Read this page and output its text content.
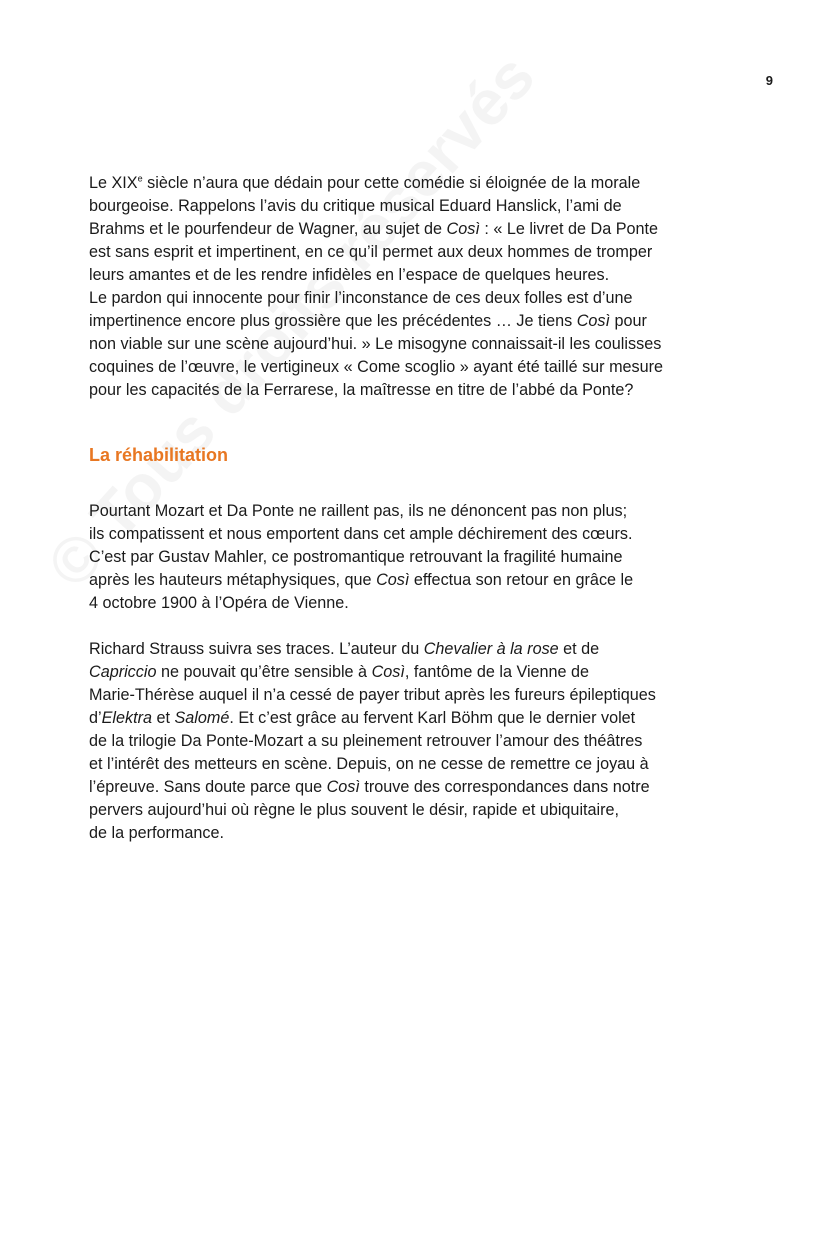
9

Le XIXe siècle n’aura que dédain pour cette comédie si éloignée de la morale
bourgeoise. Rappelons l’avis du critique musical Eduard Hanslick, l’ami de
Brahms et le pourfendeur de Wagner, au sujet de Così : « Le livret de Da Ponte
est sans esprit et impertinent, en ce qu’il permet aux deux hommes de tromper
leurs amantes et de les rendre infidèles en l’espace de quelques heures.
Le pardon qui innocente pour finir l’inconstance de ces deux folles est d’une
impertinence encore plus grossière que les précédentes … Je tiens Così pour
non viable sur une scène aujourd’hui. » Le misogyne connaissait-il les coulisses
coquines de l’œuvre, le vertigineux « Come scoglio » ayant été taillé sur mesure
pour les capacités de la Ferrarese, la maîtresse en titre de l’abbé da Ponte?

La réhabilitation

Pourtant Mozart et Da Ponte ne raillent pas, ils ne dénoncent pas non plus;
ils compatissent et nous emportent dans cet ample déchirement des cœurs.
C’est par Gustav Mahler, ce postromantique retrouvant la fragilité humaine
après les hauteurs métaphysiques, que Così effectua son retour en grâce le
4 octobre 1900 à l’Opéra de Vienne.

Richard Strauss suivra ses traces. L’auteur du Chevalier à la rose et de
Capriccio ne pouvait qu’être sensible à Così, fantôme de la Vienne de
Marie-Thérèse auquel il n’a cessé de payer tribut après les fureurs épileptiques
d’Elektra et Salomé. Et c’est grâce au fervent Karl Böhm que le dernier volet
de la trilogie Da Ponte-Mozart a su pleinement retrouver l’amour des théâtres
et l’intérêt des metteurs en scène. Depuis, on ne cesse de remettre ce joyau à
l’épreuve. Sans doute parce que Così trouve des correspondances dans notre
pervers aujourd’hui où règne le plus souvent le désir, rapide et ubiquitaire,
de la performance.
